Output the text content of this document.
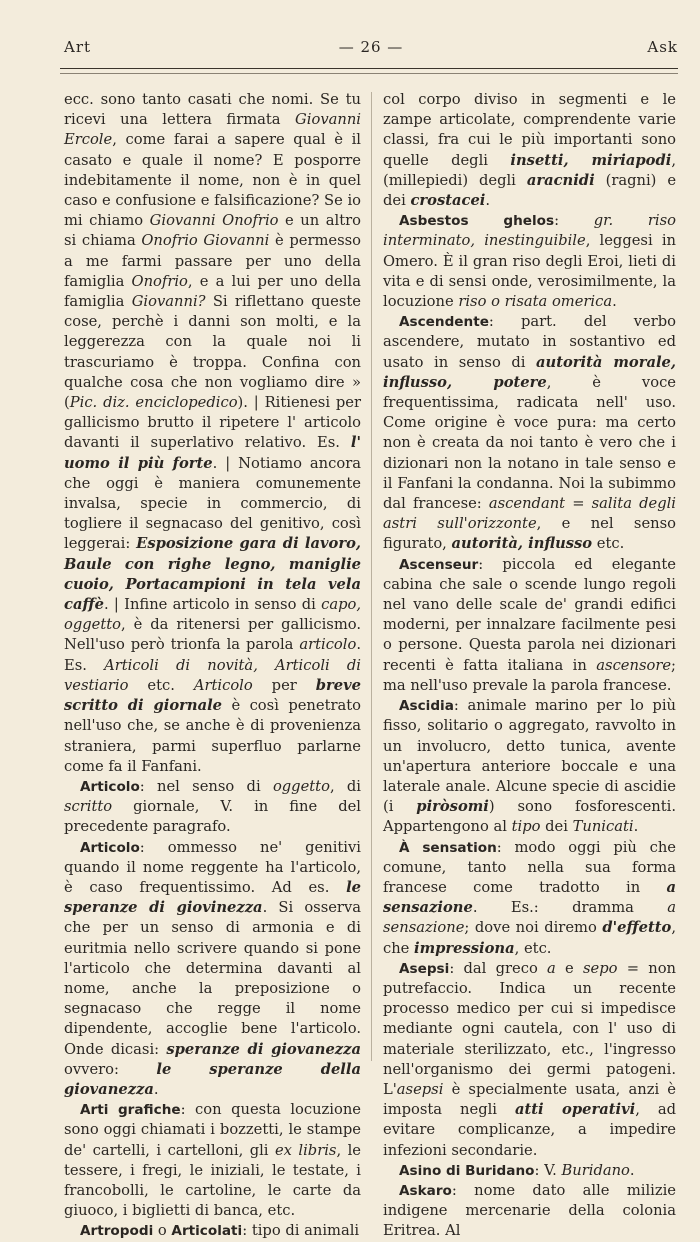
Art	— 26 —	Ask

ecc. sono tanto casati che nomi. Se tu ricevi una lettera firmata Giovanni Ercole, come farai a sapere qual è il casato e quale il nome? E posporre indebitamente il nome, non è in quel caso e confusione e falsificazione? Se io mi chiamo Giovanni Onofrio e un altro si chiama Onofrio Giovanni è permesso a me farmi passare per uno della famiglia Onofrio, e a lui per uno della famiglia Giovanni? Si riflettano queste cose, perchè i danni son molti, e la leggerezza con la quale noi li trascuriamo è troppa. Confina con qualche cosa che non vogliamo dire » (Pic. diz. enciclopedico). | Ritienesi per gallicismo brutto il ripetere l' articolo davanti il superlativo relativo. Es. l' uomo il più forte. | Notiamo ancora che oggi è maniera comunemente invalsa, specie in commercio, di togliere il segnacaso del genitivo, così leggerai: Esposizione gara di lavoro, Baule con righe legno, maniglie cuoio, Portacampioni in tela vela caffè. | Infine articolo in senso di capo, oggetto, è da ritenersi per gallicismo. Nell'uso però trionfa la parola articolo. Es. Articoli di novità, Articoli di vestiario etc. Articolo per breve scritto di giornale è così penetrato nell'uso che, se anche è di provenienza straniera, parmi superfluo parlarne come fa il Fanfani.

Articolo: nel senso di oggetto, di scritto giornale, V. in fine del precedente paragrafo.

Articolo: ommesso ne' genitivi quando il nome reggente ha l'articolo, è caso frequentissimo. Ad es. le speranze di giovinezza. Si osserva che per un senso di armonia e di euritmia nello scrivere quando si pone l'articolo che determina davanti al nome, anche la preposizione o segnacaso che regge il nome dipendente, accoglie bene l'articolo. Onde dicasi: speranze di giovanezza ovvero: le speranze della giovanezza.

Arti grafiche: con questa locuzione sono oggi chiamati i bozzetti, le stampe de' cartelli, i cartelloni, gli ex libris, le tessere, i fregi, le iniziali, le testate, i francobolli, le cartoline, le carte da giuoco, i biglietti di banca, etc.

Artropodi o Articolati: tipo di animali

col corpo diviso in segmenti e le zampe articolate, comprendente varie classi, fra cui le più importanti sono quelle degli insetti, miriapodi, (millepiedi) degli aracnidi (ragni) e dei crostacei.

Asbestos ghelos: gr. riso interminato, inestinguibile, leggesi in Omero. È il gran riso degli Eroi, lieti di vita e di sensi onde, verosimilmente, la locuzione riso o risata omerica.

Ascendente: part. del verbo ascendere, mutato in sostantivo ed usato in senso di autorità morale, influsso, potere, è voce frequentissima, radicata nell' uso. Come origine è voce pura: ma certo non è creata da noi tanto è vero che i dizionari non la notano in tale senso e il Fanfani la condanna. Noi la subimmo dal francese: ascendant = salita degli astri sull'orizzonte, e nel senso figurato, autorità, influsso etc.

Ascenseur: piccola ed elegante cabina che sale o scende lungo regoli nel vano delle scale de' grandi edifici moderni, per innalzare facilmente pesi o persone. Questa parola nei dizionari recenti è fatta italiana in ascensore; ma nell'uso prevale la parola francese.

Ascidia: animale marino per lo più fisso, solitario o aggregato, ravvolto in un involucro, detto tunica, avente un'apertura anteriore boccale e una laterale anale. Alcune specie di ascidie (i piròsomi) sono fosforescenti. Appartengono al tipo dei Tunicati.

À sensation: modo oggi più che comune, tanto nella sua forma francese come tradotto in a sensazione. Es.: dramma a sensazione; dove noi diremo d'effetto, che impressiona, etc.

Asepsi: dal greco a e sepo = non putrefaccio. Indica un recente processo medico per cui si impedisce mediante ogni cautela, con l' uso di materiale sterilizzato, etc., l'ingresso nell'organismo dei germi patogeni. L'asepsi è specialmente usata, anzi è imposta negli atti operativi, ad evitare complicanze, a impedire infezioni secondarie.

Asino di Buridano: V. Buridano.

Askaro: nome dato alle milizie indigene mercenarie della colonia Eritrea. Al
